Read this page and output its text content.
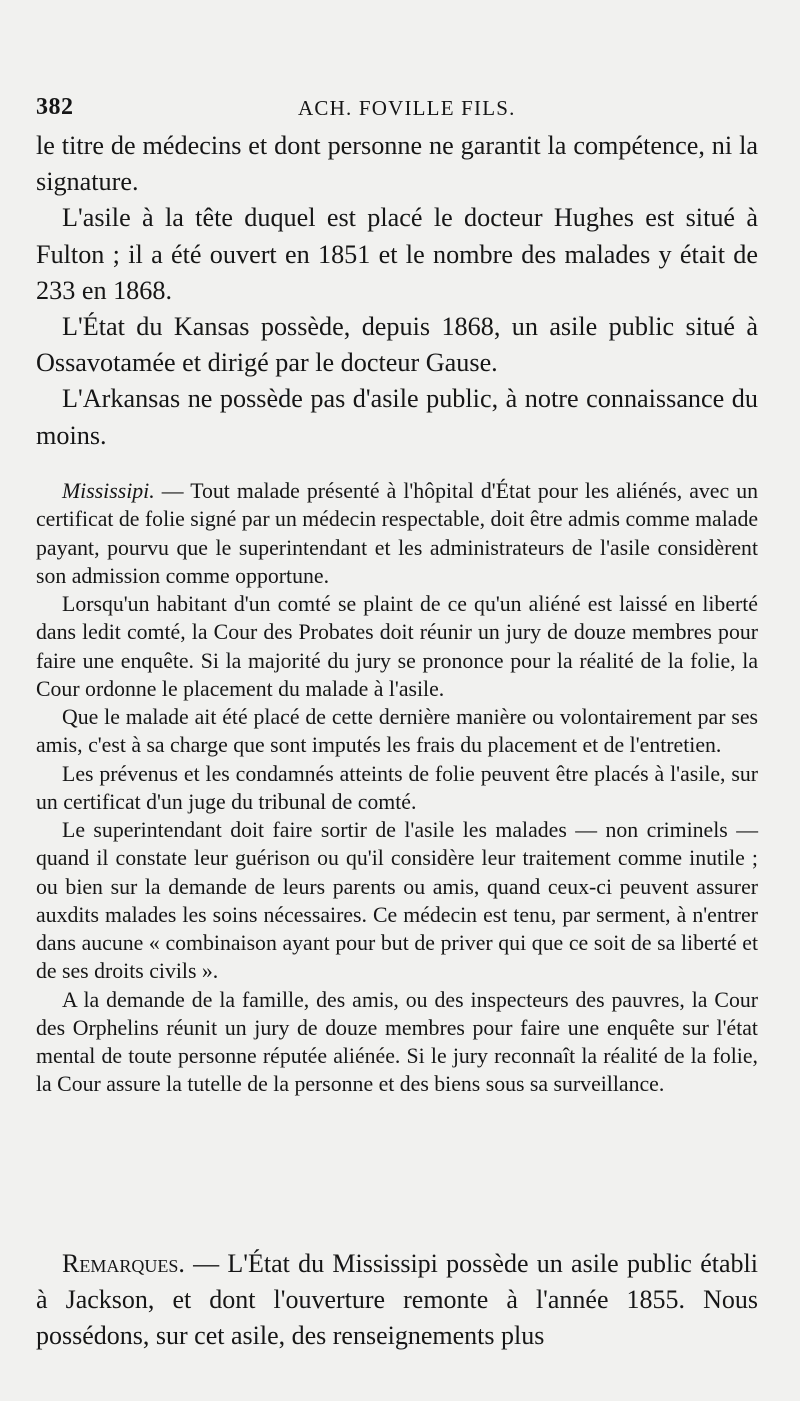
382	ACH. FOVILLE FILS.

le titre de médecins et dont personne ne garantit la compétence, ni la signature.

L'asile à la tête duquel est placé le docteur Hughes est situé à Fulton ; il a été ouvert en 1851 et le nombre des malades y était de 233 en 1868.

L'État du Kansas possède, depuis 1868, un asile public situé à Ossavotamée et dirigé par le docteur Gause.

L'Arkansas ne possède pas d'asile public, à notre connaissance du moins.

Mississipi. — Tout malade présenté à l'hôpital d'État pour les aliénés, avec un certificat de folie signé par un médecin respectable, doit être admis comme malade payant, pourvu que le superintendant et les administrateurs de l'asile considèrent son admission comme opportune.

Lorsqu'un habitant d'un comté se plaint de ce qu'un aliéné est laissé en liberté dans ledit comté, la Cour des Probates doit réunir un jury de douze membres pour faire une enquête. Si la majorité du jury se prononce pour la réalité de la folie, la Cour ordonne le placement du malade à l'asile.

Que le malade ait été placé de cette dernière manière ou volontairement par ses amis, c'est à sa charge que sont imputés les frais du placement et de l'entretien.

Les prévenus et les condamnés atteints de folie peuvent être placés à l'asile, sur un certificat d'un juge du tribunal de comté.

Le superintendant doit faire sortir de l'asile les malades — non criminels — quand il constate leur guérison ou qu'il considère leur traitement comme inutile ; ou bien sur la demande de leurs parents ou amis, quand ceux-ci peuvent assurer auxdits malades les soins nécessaires. Ce médecin est tenu, par serment, à n'entrer dans aucune « combinaison ayant pour but de priver qui que ce soit de sa liberté et de ses droits civils ».

A la demande de la famille, des amis, ou des inspecteurs des pauvres, la Cour des Orphelins réunit un jury de douze membres pour faire une enquête sur l'état mental de toute personne réputée aliénée. Si le jury reconnaît la réalité de la folie, la Cour assure la tutelle de la personne et des biens sous sa surveillance.

Remarques. — L'État du Mississipi possède un asile public établi à Jackson, et dont l'ouverture remonte à l'année 1855. Nous possédons, sur cet asile, des renseignements plus
